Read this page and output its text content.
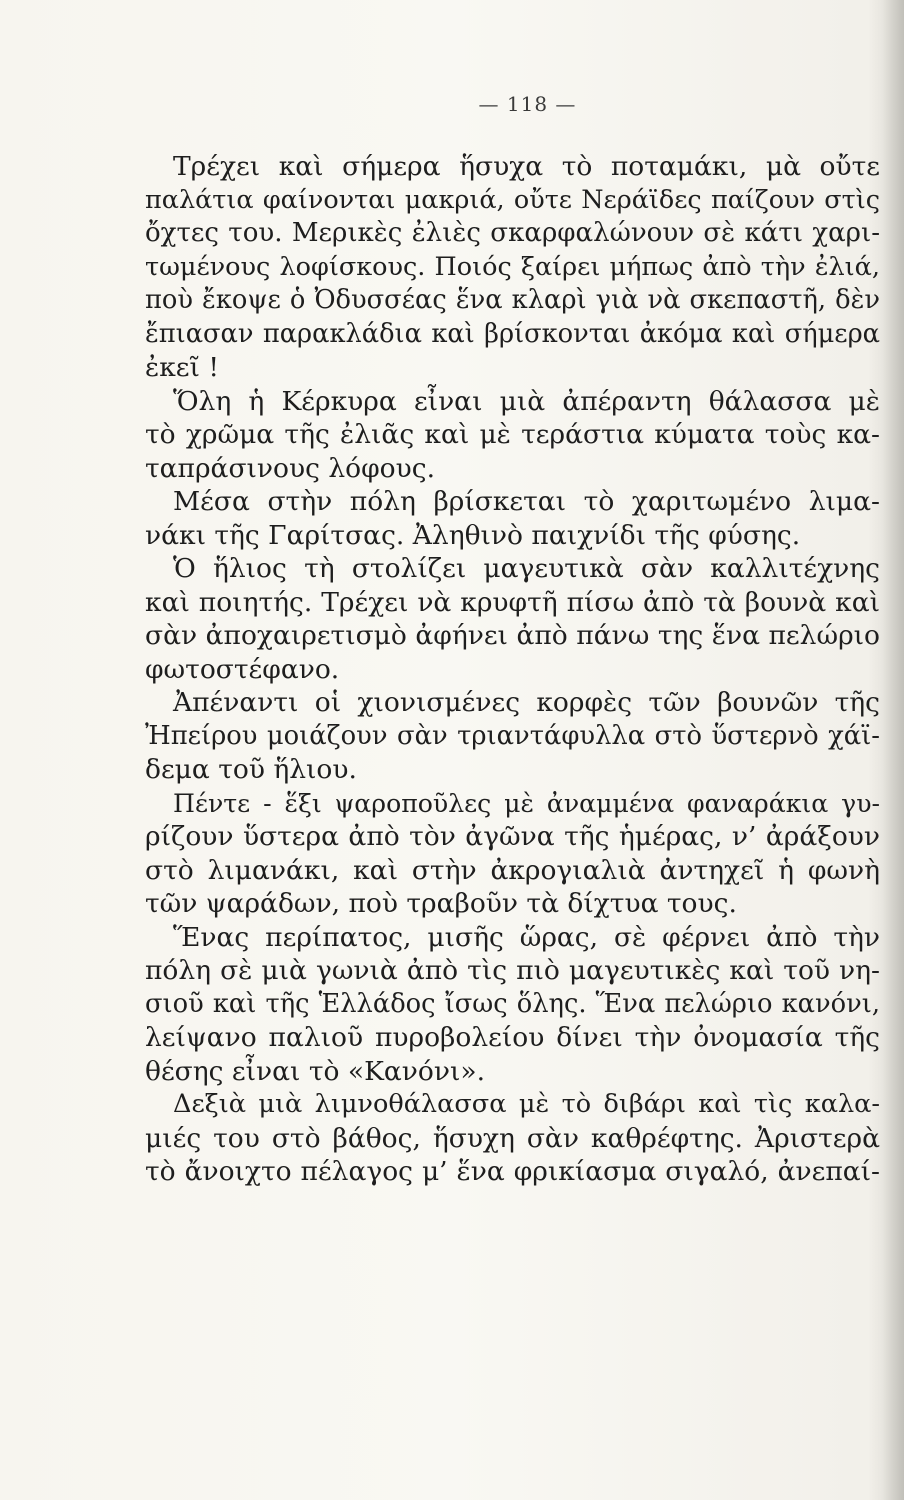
— 118 —
Τρέχει καὶ σήμερα ἥσυχα τὸ ποταμάκι, μὰ οὔτε
παλάτια φαίνονται μακριά, οὔτε Νεράϊδες παίζουν στὶς
ὄχτες του. Μερικὲς ἐλιὲς σκαρφαλώνουν σὲ κάτι χαρι-
τωμένους λοφίσκους. Ποιός ξαίρει μήπως ἀπὸ τὴν ἐλιά,
ποὺ ἔκοψε ὁ Ὀδυσσέας ἕνα κλαρὶ γιὰ νὰ σκεπαστῆ, δὲν
ἔπιασαν παρακλάδια καὶ βρίσκονται ἀκόμα καὶ σήμερα
ἐκεῖ !
Ὅλη ἡ Κέρκυρα εἶναι μιὰ ἀπέραντη θάλασσα μὲ
τὸ χρῶμα τῆς ἐλιᾶς καὶ μὲ τεράστια κύματα τοὺς κα-
ταπράσινους λόφους.
Μέσα στὴν πόλη βρίσκεται τὸ χαριτωμένο λιμα-
νάκι τῆς Γαρίτσας. Ἀληθινὸ παιχνίδι τῆς φύσης.
Ὁ ἥλιος τὴ στολίζει μαγευτικὰ σὰν καλλιτέχνης
καὶ ποιητής. Τρέχει νὰ κρυφτῆ πίσω ἀπὸ τὰ βουνὰ καὶ
σὰν ἀποχαιρετισμὸ ἀφήνει ἀπὸ πάνω της ἕνα πελώριο
φωτοστέφανο.
Ἀπέναντι οἱ χιονισμένες κορφὲς τῶν βουνῶν τῆς
Ἠπείρου μοιάζουν σὰν τριαντάφυλλα στὸ ὕστερνὸ χάϊ-
δεμα τοῦ ἥλιου.
Πέντε - ἕξι ψαροποῦλες μὲ ἀναμμένα φαναράκια γυ-
ρίζουν ὕστερα ἀπὸ τὸν ἀγῶνα τῆς ἡμέρας, ν’ ἀράξουν
στὸ λιμανάκι, καὶ στὴν ἀκρογιαλιὰ ἀντηχεῖ ἡ φωνὴ
τῶν ψαράδων, ποὺ τραβοῦν τὰ δίχτυα τους.
Ἕνας περίπατος, μισῆς ὥρας, σὲ φέρνει ἀπὸ τὴν
πόλη σὲ μιὰ γωνιὰ ἀπὸ τὶς πιὸ μαγευτικὲς καὶ τοῦ νη-
σιοῦ καὶ τῆς Ἑλλάδος ἴσως ὅλης. Ἕνα πελώριο κανόνι,
λείψανο παλιοῦ πυροβολείου δίνει τὴν ὀνομασία τῆς
θέσης εἶναι τὸ «Κανόνι».
Δεξιὰ μιὰ λιμνοθάλασσα μὲ τὸ διβάρι καὶ τὶς καλα-
μιές του στὸ βάθος, ἥσυχη σὰν καθρέφτης. Ἀριστερὰ
τὸ ἄνοιχτο πέλαγος μ’ ἕνα φρικίασμα σιγαλό, ἀνεπαί-
